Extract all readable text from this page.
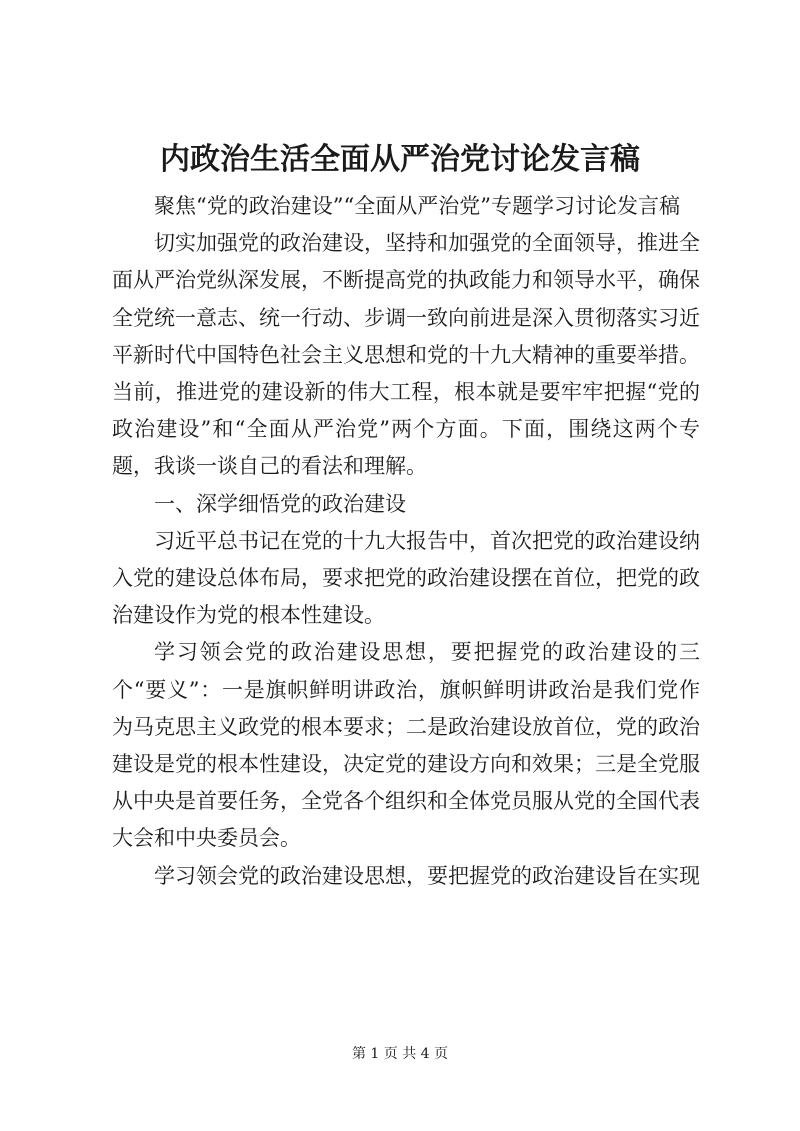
内政治生活全面从严治党讨论发言稿

聚焦“党的政治建设”“全面从严治党”专题学习讨论发言稿

切实加强党的政治建设，坚持和加强党的全面领导，推进全面从严治党纵深发展，不断提高党的执政能力和领导水平，确保全党统一意志、统一行动、步调一致向前进是深入贯彻落实习近平新时代中国特色社会主义思想和党的十九大精神的重要举措。当前，推进党的建设新的伟大工程，根本就是要牢牢把握“党的政治建设”和“全面从严治党”两个方面。下面，围绕这两个专题，我谈一谈自己的看法和理解。

一、深学细悟党的政治建设

习近平总书记在党的十九大报告中，首次把党的政治建设纳入党的建设总体布局，要求把党的政治建设摆在首位，把党的政治建设作为党的根本性建设。

学习领会党的政治建设思想，要把握党的政治建设的三个“要义”：一是旗帜鲜明讲政治，旗帜鲜明讲政治是我们党作为马克思主义政党的根本要求；二是政治建设放首位，党的政治建设是党的根本性建设，决定党的建设方向和效果；三是全党服从中央是首要任务，全党各个组织和全体党员服从党的全国代表大会和中央委员会。

学习领会党的政治建设思想，要把握党的政治建设旨在实现

第 1 页 共 4 页
